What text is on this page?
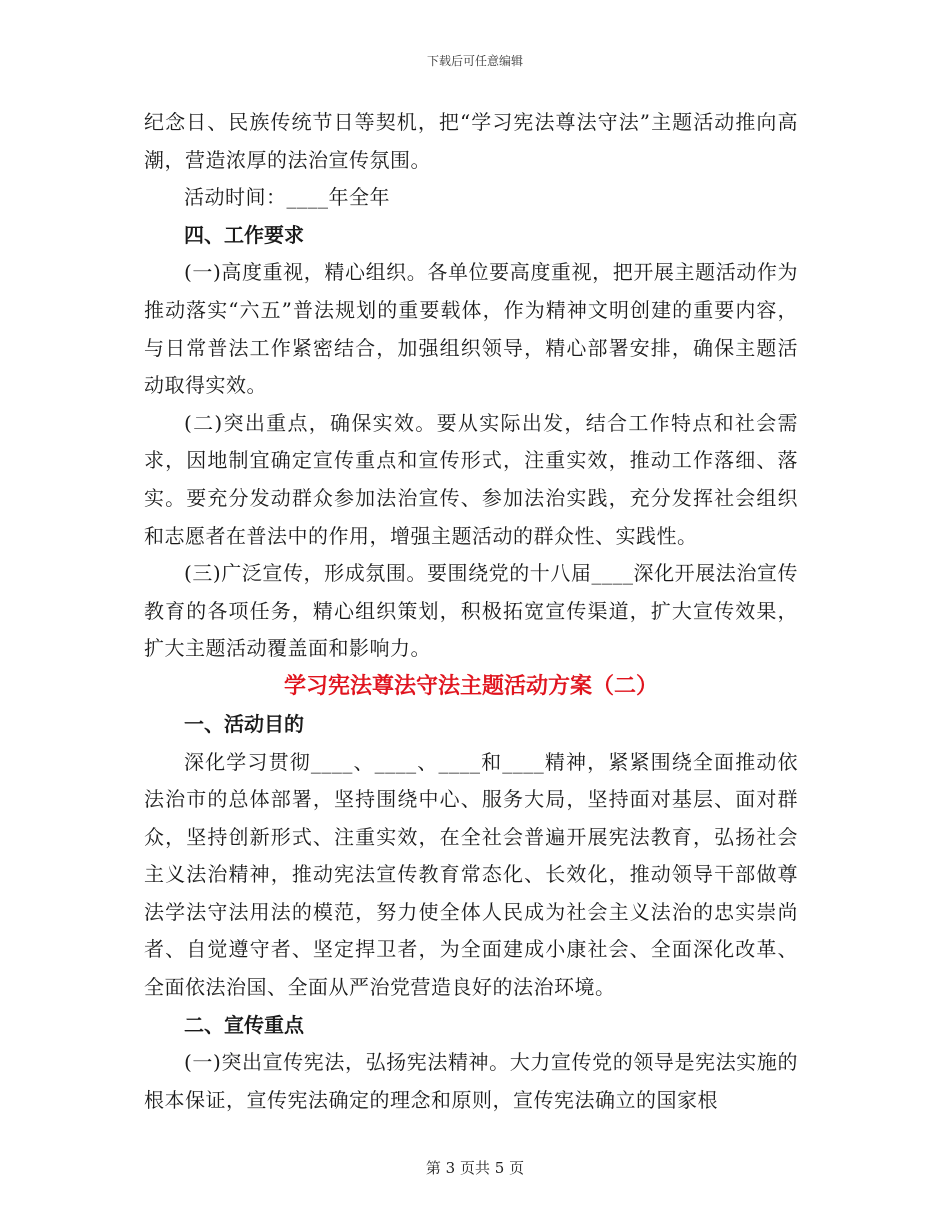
下载后可任意编辑

纪念日、民族传统节日等契机，把“学习宪法尊法守法”主题活动推向高潮，营造浓厚的法治宣传氛围。

活动时间：____年全年

四、工作要求

(一)高度重视，精心组织。各单位要高度重视，把开展主题活动作为推动落实“六五”普法规划的重要载体，作为精神文明创建的重要内容，与日常普法工作紧密结合，加强组织领导，精心部署安排，确保主题活动取得实效。

(二)突出重点，确保实效。要从实际出发，结合工作特点和社会需求，因地制宜确定宣传重点和宣传形式，注重实效，推动工作落细、落实。要充分发动群众参加法治宣传、参加法治实践，充分发挥社会组织和志愿者在普法中的作用，增强主题活动的群众性、实践性。

(三)广泛宣传，形成氛围。要围绕党的十八届____深化开展法治宣传教育的各项任务，精心组织策划，积极拓宽宣传渠道，扩大宣传效果，扩大主题活动覆盖面和影响力。

学习宪法尊法守法主题活动方案（二）

一、活动目的

深化学习贯彻____、____、____和____精神，紧紧围绕全面推动依法治市的总体部署，坚持围绕中心、服务大局，坚持面对基层、面对群众，坚持创新形式、注重实效，在全社会普遍开展宪法教育，弘扬社会主义法治精神，推动宪法宣传教育常态化、长效化，推动领导干部做尊法学法守法用法的模范，努力使全体人民成为社会主义法治的忠实崇尚者、自觉遵守者、坚定捍卫者，为全面建成小康社会、全面深化改革、全面依法治国、全面从严治党营造良好的法治环境。

二、宣传重点

(一)突出宣传宪法，弘扬宪法精神。大力宣传党的领导是宪法实施的根本保证，宣传宪法确定的理念和原则，宣传宪法确立的国家根

第 3 页共 5 页
